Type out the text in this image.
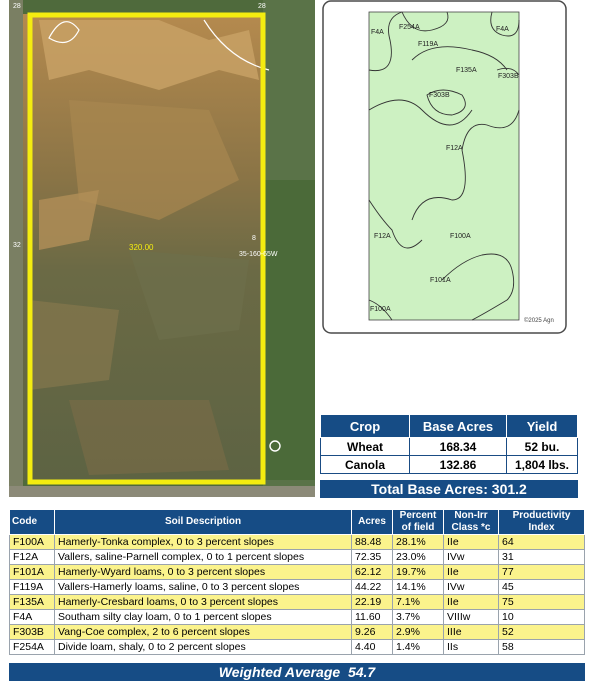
28
32
28
320.00
8
35-160-65W
F4A
F254A
F119A
F4A
F135A
F303B
F303B
F12A
F12A	F100A
F101A
F100A
©2025 Agn
Crop	Base Acres	Yield
Wheat	168.34	52 bu.
Canola	132.86	1,804 lbs.
Total Base Acres: 301.2
Code	Soil Description	Acres	Percent of field	Non-Irr Class *c	Productivity Index
F100A	Hamerly-Tonka complex, 0 to 3 percent slopes	88.48	28.1%	IIe	64
F12A	Vallers, saline-Parnell complex, 0 to 1 percent slopes	72.35	23.0%	IVw	31
F101A	Hamerly-Wyard loams, 0 to 3 percent slopes	62.12	19.7%	IIe	77
F119A	Vallers-Hamerly loams, saline, 0 to 3 percent slopes	44.22	14.1%	IVw	45
F135A	Hamerly-Cresbard loams, 0 to 3 percent slopes	22.19	7.1%	IIe	75
F4A	Southam silty clay loam, 0 to 1 percent slopes	11.60	3.7%	VIIIw	10
F303B	Vang-Coe complex, 2 to 6 percent slopes	9.26	2.9%	IIIe	52
F254A	Divide loam, shaly, 0 to 2 percent slopes	4.40	1.4%	IIs	58
Weighted Average 54.7
